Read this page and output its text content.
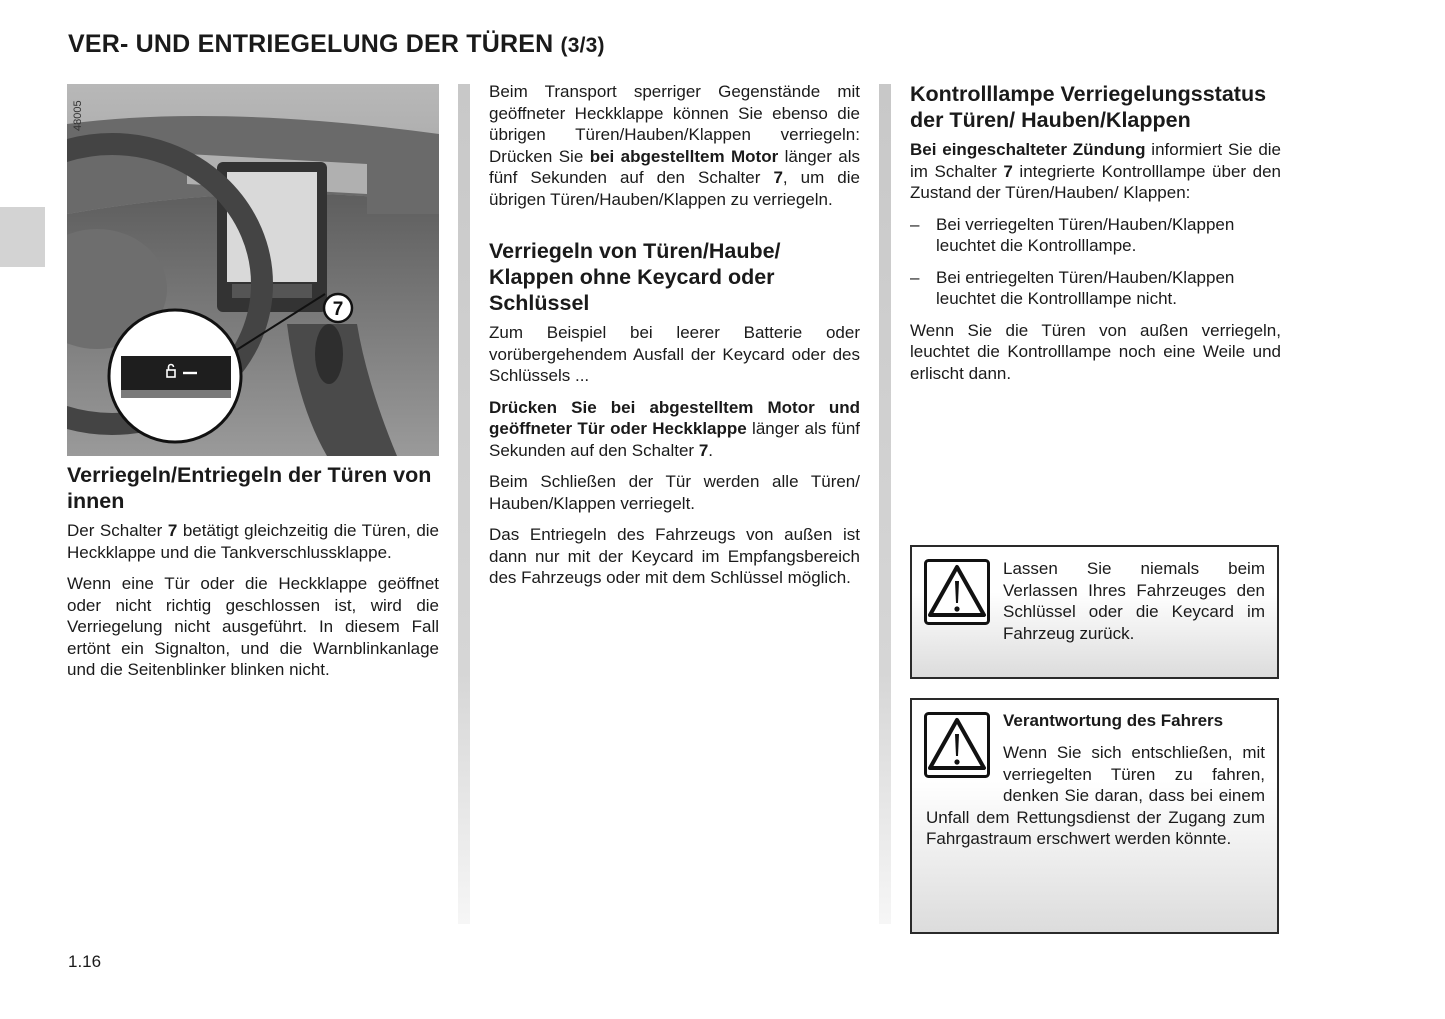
VER- UND ENTRIEGELUNG DER TÜREN (3/3)
7
48005
Verriegeln/Entriegeln der Türen von innen

Der Schalter 7 betätigt gleichzeitig die Türen, die Heckklappe und die Tankverschlussklappe.

Wenn eine Tür oder die Heckklappe geöffnet oder nicht richtig geschlossen ist, wird die Verriegelung nicht ausgeführt. In diesem Fall ertönt ein Signalton, und die Warnblinkanlage und die Seitenblinker blinken nicht.

Beim Transport sperriger Gegenstände mit geöffneter Heckklappe können Sie ebenso die übrigen Türen/Hauben/Klappen verriegeln: Drücken Sie bei abgestelltem Motor länger als fünf Sekunden auf den Schalter 7, um die übrigen Türen/Hauben/Klappen zu verriegeln.

Verriegeln von Türen/Haube/ Klappen ohne Keycard oder Schlüssel

Zum Beispiel bei leerer Batterie oder vorübergehendem Ausfall der Keycard oder des Schlüssels ...

Drücken Sie bei abgestelltem Motor und geöffneter Tür oder Heckklappe länger als fünf Sekunden auf den Schalter 7.

Beim Schließen der Tür werden alle Türen/ Hauben/Klappen verriegelt.

Das Entriegeln des Fahrzeugs von außen ist dann nur mit der Keycard im Empfangsbereich des Fahrzeugs oder mit dem Schlüssel möglich.

Kontrolllampe Verriegelungsstatus der Türen/ Hauben/Klappen

Bei eingeschalteter Zündung informiert Sie die im Schalter 7 integrierte Kontrolllampe über den Zustand der Türen/Hauben/ Klappen:

– Bei verriegelten Türen/Hauben/Klappen leuchtet die Kontrolllampe.
– Bei entriegelten Türen/Hauben/Klappen leuchtet die Kontrolllampe nicht.

Wenn Sie die Türen von außen verriegeln, leuchtet die Kontrolllampe noch eine Weile und erlischt dann.

Lassen Sie niemals beim Verlassen Ihres Fahrzeuges den Schlüssel oder die Keycard im Fahrzeug zurück.
Verantwortung des Fahrers
Wenn Sie sich entschließen, mit verriegelten Türen zu fahren, denken Sie daran, dass bei einem Unfall dem Rettungsdienst der Zugang zum Fahrgastraum erschwert werden könnte.
1.16
